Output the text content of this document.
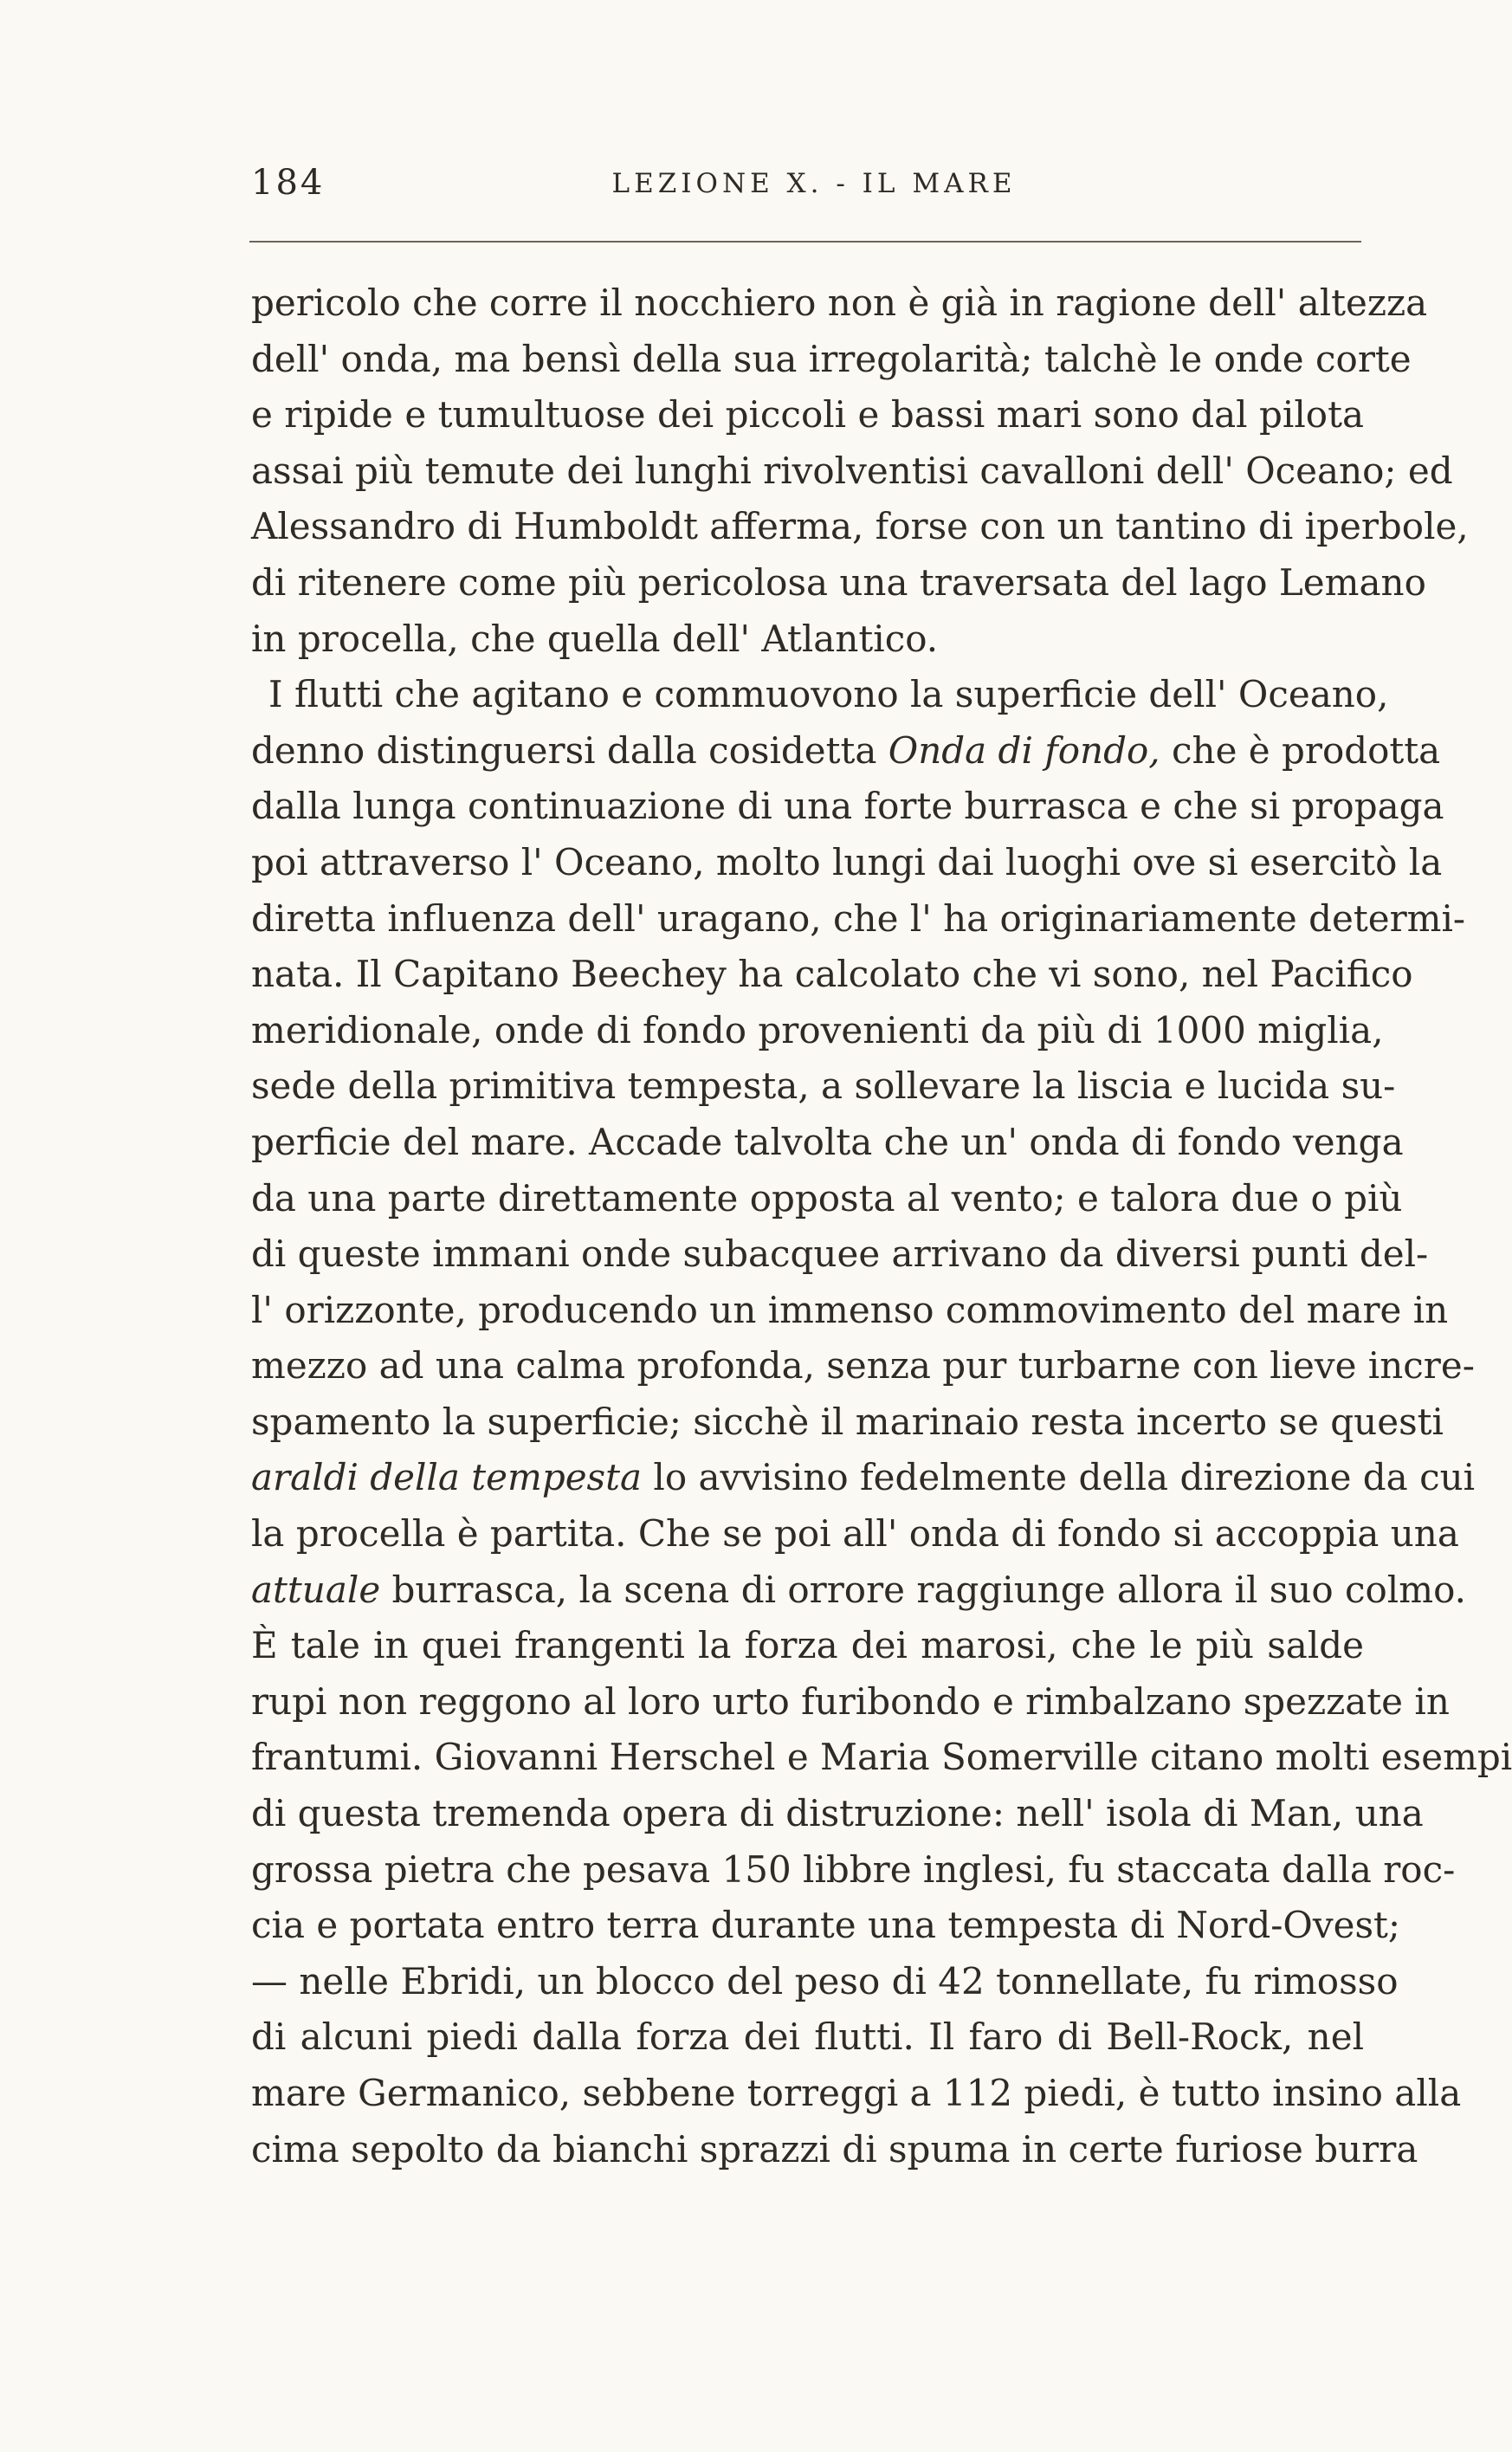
184	LEZIONE X. - IL MARE
pericolo che corre il nocchiero non è già in ragione dell' altezza
dell' onda, ma bensì della sua irregolarità; talchè le onde corte
e ripide e tumultuose dei piccoli e bassi mari sono dal pilota
assai più temute dei lunghi rivolventisi cavalloni dell' Oceano; ed
Alessandro di Humboldt afferma, forse con un tantino di iperbole,
di ritenere come più pericolosa una traversata del lago Lemano
in procella, che quella dell' Atlantico.
I flutti che agitano e commuovono la superficie dell' Oceano,
denno distinguersi dalla cosidetta Onda di fondo, che è prodotta
dalla lunga continuazione di una forte burrasca e che si propaga
poi attraverso l' Oceano, molto lungi dai luoghi ove si esercitò la
diretta influenza dell' uragano, che l' ha originariamente determi-
nata. Il Capitano Beechey ha calcolato che vi sono, nel Pacifico
meridionale, onde di fondo provenienti da più di 1000 miglia,
sede della primitiva tempesta, a sollevare la liscia e lucida su-
perficie del mare. Accade talvolta che un' onda di fondo venga
da una parte direttamente opposta al vento; e talora due o più
di queste immani onde subacquee arrivano da diversi punti del-
l' orizzonte, producendo un immenso commovimento del mare in
mezzo ad una calma profonda, senza pur turbarne con lieve incre-
spamento la superficie; sicchè il marinaio resta incerto se questi
araldi della tempesta lo avvisino fedelmente della direzione da cui
la procella è partita. Che se poi all' onda di fondo si accoppia una
attuale burrasca, la scena di orrore raggiunge allora il suo colmo.
È tale in quei frangenti la forza dei marosi, che le più salde
rupi non reggono al loro urto furibondo e rimbalzano spezzate in
frantumi. Giovanni Herschel e Maria Somerville citano molti esempi
di questa tremenda opera di distruzione: nell' isola di Man, una
grossa pietra che pesava 150 libbre inglesi, fu staccata dalla roc-
cia e portata entro terra durante una tempesta di Nord-Ovest;
— nelle Ebridi, un blocco del peso di 42 tonnellate, fu rimosso
di alcuni piedi dalla forza dei flutti. Il faro di Bell-Rock, nel
mare Germanico, sebbene torreggi a 112 piedi, è tutto insino alla
cima sepolto da bianchi sprazzi di spuma in certe furiose burra
